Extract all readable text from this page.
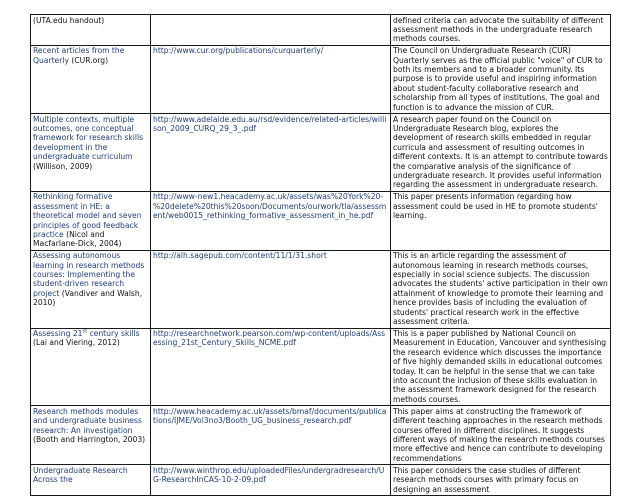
(UTA.edu handout)		defined criteria can advocate the suitability of different assessment methods in the undergraduate research methods courses.
Recent articles from the Quarterly (CUR.org)	http://www.cur.org/publications/curquarterly/	The Council on Undergraduate Research (CUR) Quarterly serves as the official public "voice" of CUR to both its members and to a broader community. Its purpose is to provide useful and inspiring information about student-faculty collaborative research and scholarship from all types of institutions. The goal and function is to advance the mission of CUR.
Multiple contexts, multiple outcomes, one conceptual framework for research skills development in the undergraduate curriculum (Willison, 2009)	http://www.adelaide.edu.au/rsd/evidence/related-articles/willison_2009_CURQ_29_3_.pdf	A research paper found on the Council on Undergraduate Research blog, explores the development of research skills embedded in regular curricula and assessment of resulting outcomes in different contexts. It is an attempt to contribute towards the comparative analysis of the significance of undergraduate research. It provides useful information regarding the assessment in undergraduate research.
Rethinking formative assessment in HE: a theoretical model and seven principles of good feedback practice (Nicol and Macfarlane-Dick, 2004)	http://www-new1.heacademy.ac.uk/assets/was%20York%20-%20delete%20this%20soon/Documents/ourwork/tla/assessment/web0015_rethinking_formative_assessment_in_he.pdf	This paper presents information regarding how assessment could be used in HE to promote students' learning.
Assessing autonomous learning in research methods courses: Implementing the student-driven research project (Vandiver and Walsh, 2010)	http://alh.sagepub.com/content/11/1/31.short	This is an article regarding the assessment of autonomous learning in research methods courses, especially in social science subjects. The discussion advocates the students' active participation in their own attainment of knowledge to promote their learning and hence provides basis of including the evaluation of students' practical research work in the effective assessment criteria.
Assessing 21st century skills (Lai and Viering, 2012)	http://researchnetwork.pearson.com/wp-content/uploads/Assessing_21st_Century_Skills_NCME.pdf	This is a paper published by National Council on Measurement in Education, Vancouver and synthesising the research evidence which discusses the importance of five highly demanded skills in educational outcomes today. It can be helpful in the sense that we can take into account the inclusion of these skills evaluation in the assessment framework designed for the research methods courses.
Research methods modules and undergraduate business research: An investigation (Booth and Harrington, 2003)	http://www.heacademy.ac.uk/assets/bmaf/documents/publications/IJME/Vol3no3/Booth_UG_business_research.pdf	This paper aims at constructing the framework of different teaching approaches in the research methods courses offered in different disciplines. It suggests different ways of making the research methods courses more effective and hence can contribute to developing recommendations
Undergraduate Research Across the	http://www.winthrop.edu/uploadedFiles/undergradresearch/UG-ResearchInCAS-10-2-09.pdf	This paper considers the case studies of different research methods courses with primary focus on designing an assessment
